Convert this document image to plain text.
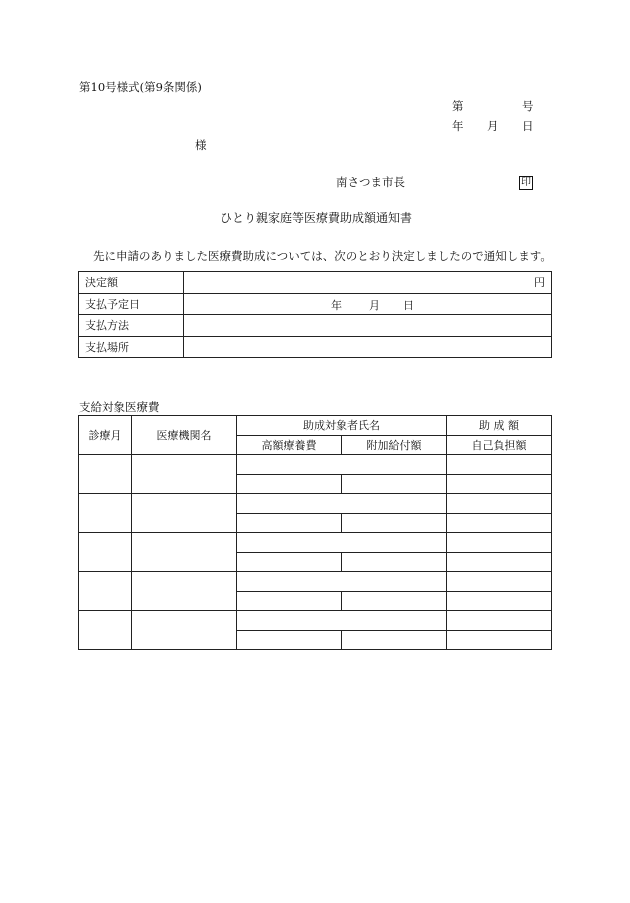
第10号様式(第9条関係)
第	号
年 月 日
様
南さつま市長	印
ひとり親家庭等医療費助成額通知書
先に申請のありました医療費助成については、次のとおり決定しましたので通知します。
決定額	円
支払予定日	年 月 日

支払方法	
支払場所	
支給対象医療費
診療月	医療機関名	助成対象者氏名		助 成 額
		高額療養費	附加給付額	自己負担額
